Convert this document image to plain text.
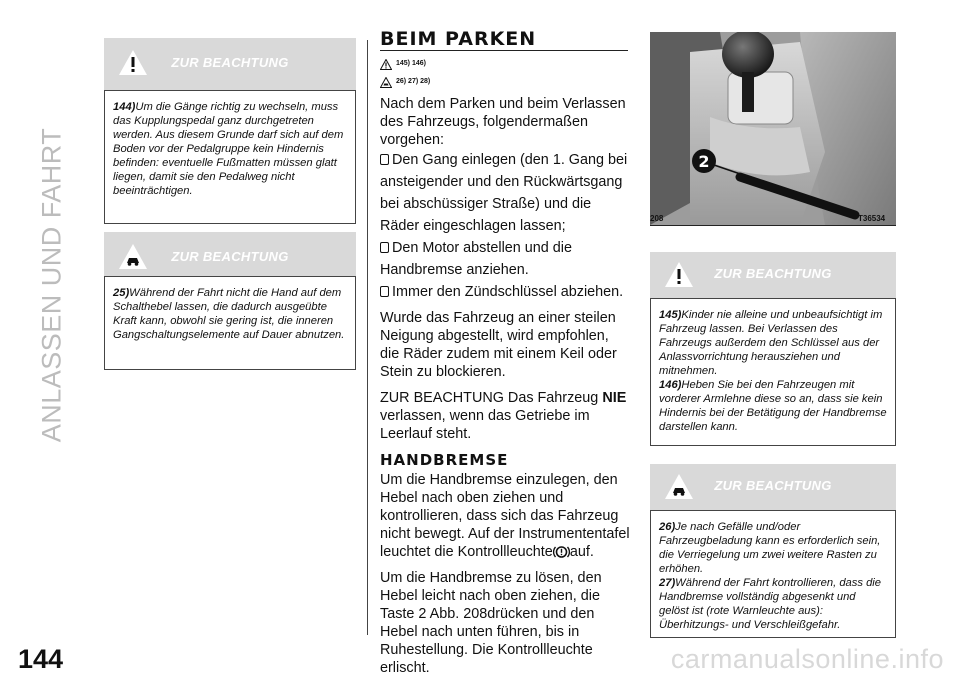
ANLASSEN UND FAHRT
144	carmanualsonline.info
ZUR BEACHTUNG

144)Um die Gänge richtig zu wechseln, muss das Kupplungspedal ganz durchgetreten werden. Aus diesem Grunde darf sich auf dem Boden vor der Pedalgruppe kein Hindernis befinden: eventuelle Fußmatten müssen glatt liegen, damit sie den Pedalweg nicht beeinträchtigen.

ZUR BEACHTUNG

25)Während der Fahrt nicht die Hand auf dem Schalthebel lassen, die dadurch ausgeübte Kraft kann, obwohl sie gering ist, die inneren Gangschaltungselemente auf Dauer abnutzen.

BEIM PARKEN
145) 146)
26) 27) 28)

Nach dem Parken und beim Verlassen des Fahrzeugs, folgendermaßen vorgehen:

Den Gang einlegen (den 1. Gang bei ansteigender und den Rückwärtsgang bei abschüssiger Straße) und die Räder eingeschlagen lassen;
Den Motor abstellen und die Handbremse anziehen.
Immer den Zündschlüssel abziehen.

Wurde das Fahrzeug an einer steilen Neigung abgestellt, wird empfohlen, die Räder zudem mit einem Keil oder Stein zu blockieren.

ZUR BEACHTUNG Das Fahrzeug NIE verlassen, wenn das Getriebe im Leerlauf steht.

HANDBREMSE

Um die Handbremse einzulegen, den Hebel nach oben ziehen und kontrollieren, dass sich das Fahrzeug nicht bewegt. Auf der Instrumententafel leuchtet die Kontrollleuchte auf.

Um die Handbremse zu lösen, den Hebel leicht nach oben ziehen, die Taste 2 Abb. 208drücken und den Hebel nach unten führen, bis in Ruhestellung. Die Kontrollleuchte erlischt.

2
208	T36534
ZUR BEACHTUNG

145)Kinder nie alleine und unbeaufsichtigt im Fahrzeug lassen. Bei Verlassen des Fahrzeugs außerdem den Schlüssel aus der Anlassvorrichtung herausziehen und mitnehmen.

146)Heben Sie bei den Fahrzeugen mit vorderer Armlehne diese so an, dass sie kein Hindernis bei der Betätigung der Handbremse darstellen kann.

ZUR BEACHTUNG

26)Je nach Gefälle und/oder Fahrzeugbeladung kann es erforderlich sein, die Verriegelung um zwei weitere Rasten zu erhöhen.

27)Während der Fahrt kontrollieren, dass die Handbremse vollständig abgesenkt und gelöst ist (rote Warnleuchte aus): Überhitzungs- und Verschleißgefahr.
